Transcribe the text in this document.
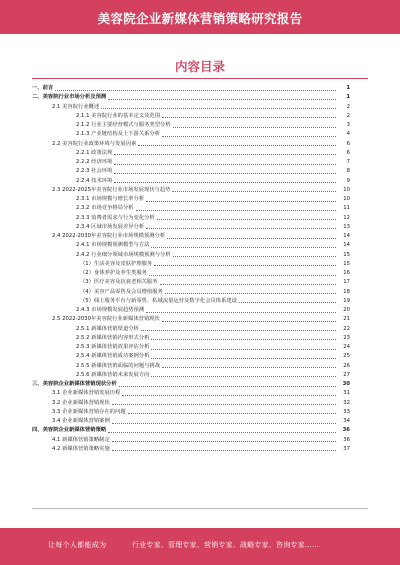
美容院企业新媒体营销策略研究报告
内容目录
一、前言	1
二、美容院行业市场分析及预测	1
2.1 美容院行业概述	2
2.1.1 美容院行业的基本定义及范围	2
2.1.2 行业主要经营模式与服务类型分析	3
2.1.3 产业链结构及上下游关系分析	4
2.2 美容院行业政策环境与发展因素	6
2.2.1 政策法规	6
2.2.2 经济环境	7
2.2.3 社会环境	8
2.2.4 技术环境	9
2.3 2022-2025年美容院行业市场发展现状与趋势	10
2.3.1 市场规模与增长率分析	10
2.3.2 市场竞争格局分析	11
2.3.3 消费者需求与行为变化分析	12
2.3.4 区域市场发展差异分析	13
2.4 2022-2030年美容院行业市场规模预测分析	14
2.4.1 市场规模预测模型与方法	14
2.4.2 行业细分领域市场规模预测与分析	15
（1）生活美容及皮肤护理服务	15
（2）身体养护及养生类服务	16
（3）医疗美容及抗衰老相关服务	17
（4）美容产品零售及会员增值服务	18
（5）线上服务平台与新零售、私域流量运营及数字化会员体系建设	19
2.4.3 市场规模发展趋势预测	20
2.5 2022-2030年美容院行业新媒体营销现状	21
2.5.1 新媒体营销渠道分析	22
2.5.2 新媒体营销内容形式分析	23
2.5.3 新媒体营销效果评估分析	24
2.5.4 新媒体营销成功案例分析	25
2.5.5 新媒体营销面临的问题与挑战	26
2.5.6 新媒体营销未来发展方向	27
三、美容院企业新媒体营销现状分析	30
3.1 企业新媒体营销发展历程	31
3.2 企业新媒体营销现状	32
3.3 企业新媒体营销存在的问题	33
3.4 企业新媒体营销案例	34
四、美容院企业新媒体营销策略	36
4.1 新媒体营销策略制定	36
4.2 新媒体营销策略实施	37
让每个人都能成为	行业专家、管理专家、营销专家、战略专家、咨询专家……
